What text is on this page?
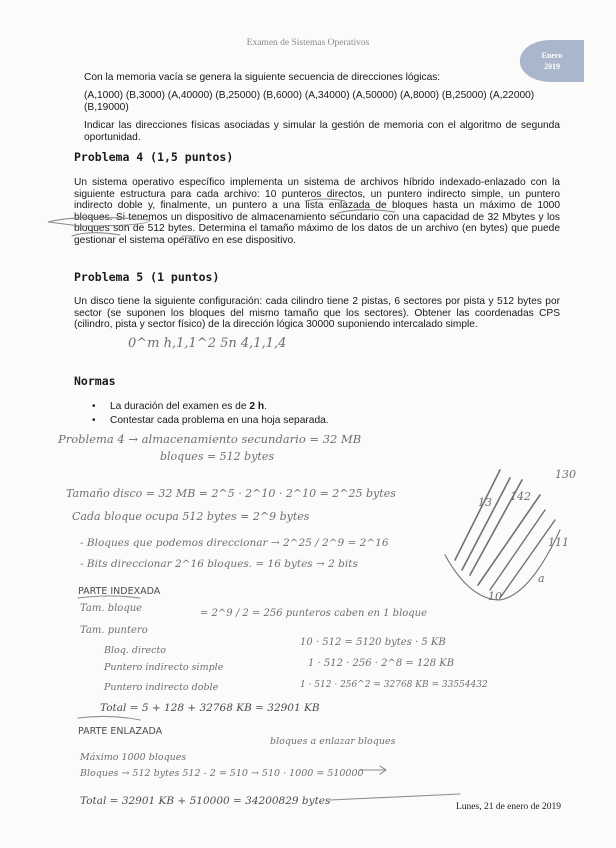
Examen de Sistemas Operativos
Enero
2019
Con la memoria vacía se genera la siguiente secuencia de direcciones lógicas:
(A,1000) (B,3000) (A,40000) (B,25000) (B,6000) (A,34000) (A,50000) (A,8000) (B,25000) (A,22000) (B,19000)
Indicar las direcciones físicas asociadas y simular la gestión de memoria con el algoritmo de segunda oportunidad.
Problema 4 (1,5 puntos)
Un sistema operativo específico implementa un sistema de archivos híbrido indexado-enlazado con la siguiente estructura para cada archivo: 10 punteros directos, un puntero indirecto simple, un puntero indirecto doble y, finalmente, un puntero a una lista enlazada de bloques hasta un máximo de 1000 bloques. Si tenemos un dispositivo de almacenamiento secundario con una capacidad de 32 Mbytes y los bloques son de 512 bytes. Determina el tamaño máximo de los datos de un archivo (en bytes) que puede gestionar el sistema operativo en ese dispositivo.
Problema 5 (1 puntos)
Un disco tiene la siguiente configuración: cada cilindro tiene 2 pistas, 6 sectores por pista y 512 bytes por sector (se suponen los bloques del mismo tamaño que los sectores). Obtener las coordenadas CPS (cilindro, pista y sector físico) de la dirección lógica 30000 suponiendo intercalado simple.
Normas
•	La duración del examen es de 2 h.
•	Contestar cada problema en una hoja separada.
0^m h,1,1^2 5n 4,1,1,4
Problema 4 → almacenamiento secundario = 32 MB
bloques = 512 bytes
Tamaño disco = 32 MB = 2^5 · 2^10 · 2^10 = 2^25 bytes
Cada bloque ocupa 512 bytes = 2^9 bytes
- Bloques que podemos direccionar → 2^25 / 2^9 = 2^16
- Bits direccionar 2^16 bloques. = 16 bytes → 2 bits
PARTE INDEXADA
Tam. bloque	= 2^9 / 2 = 256 punteros caben en 1 bloque
Tam. puntero
Bloq. directo
10 · 512 = 5120 bytes · 5 KB
Puntero indirecto simple	1 · 512 · 256 · 2^8 = 128 KB
Puntero indirecto doble	1 · 512 · 256^2 = 32768 KB = 33554432
Total = 5 + 128 + 32768 KB = 32901 KB
PARTE ENLAZADA
bloques a enlazar bloques
Máximo 1000 bloques
Bloques → 512 bytes 512 - 2 = 510 → 510 · 1000 = 510000
Total = 32901 KB + 510000 = 34200829 bytes
13 142
130
111
10
a
Lunes, 21 de enero de 2019
